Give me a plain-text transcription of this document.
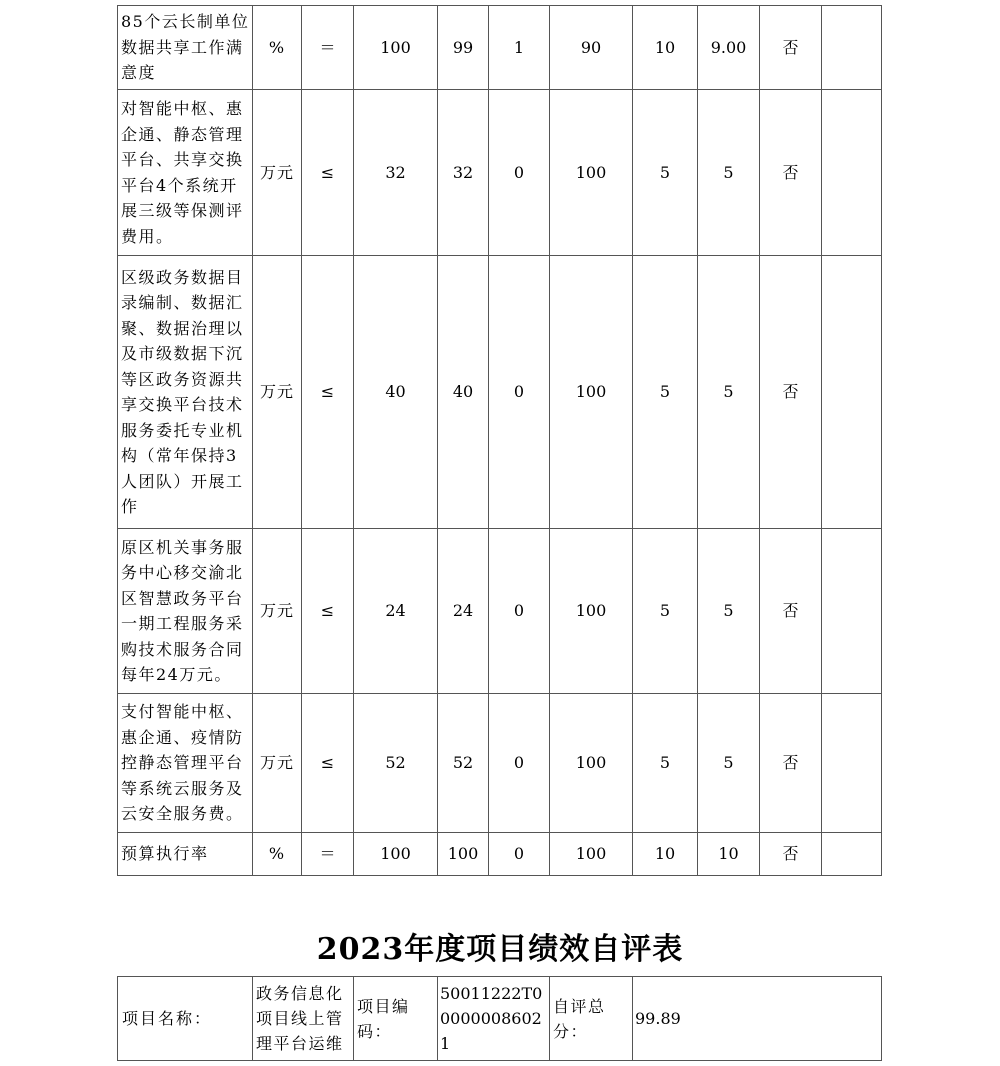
85个云长制单位数据共享工作满意度	%	＝	100	99	1	90	10	9.00	否	
对智能中枢、惠企通、静态管理平台、共享交换平台4个系统开展三级等保测评费用。	万元	≤	32	32	0	100	5	5	否	
区级政务数据目录编制、数据汇聚、数据治理以及市级数据下沉等区政务资源共享交换平台技术服务委托专业机构（常年保持3人团队）开展工作	万元	≤	40	40	0	100	5	5	否	
原区机关事务服务中心移交渝北区智慧政务平台一期工程服务采购技术服务合同每年24万元。	万元	≤	24	24	0	100	5	5	否	
支付智能中枢、惠企通、疫情防控静态管理平台等系统云服务及云安全服务费。	万元	≤	52	52	0	100	5	5	否	
预算执行率	%	＝	100	100	0	100	10	10	否	
2023年度项目绩效自评表
项目名称：	政务信息化项目线上管理平台运维	项目编码：	50011222T000000086021	自评总分：	99.89
